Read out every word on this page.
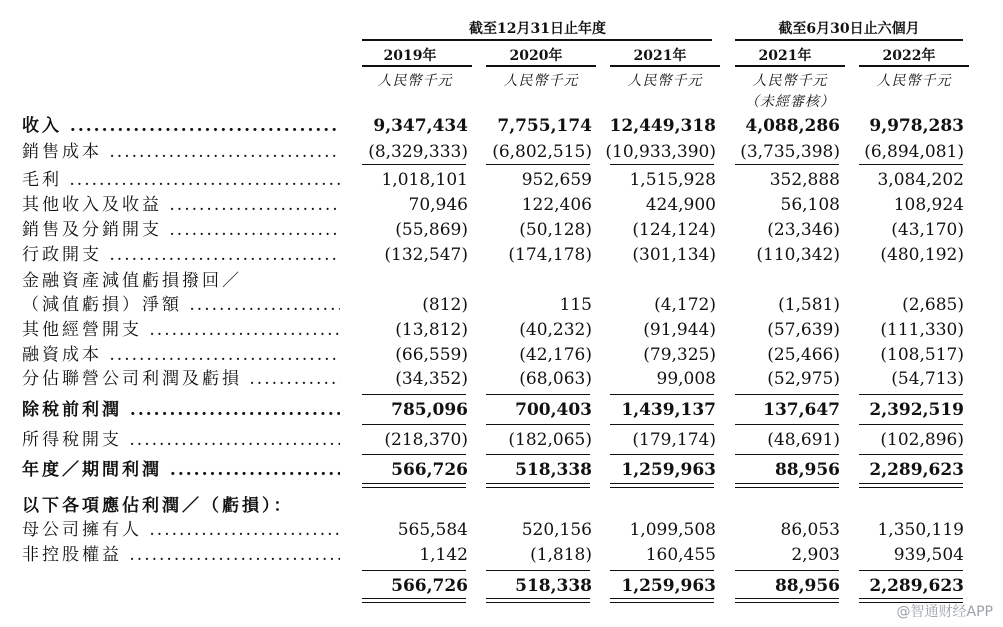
截至12月31日止年度	截至6月30日止六個月
2019年	2020年	2021年	2021年	2022年
人民幣千元	人民幣千元	人民幣千元	人民幣千元	人民幣千元
（未經審核）
收入 .....	9,347,434	7,755,174	12,449,318	4,088,286	9,978,283
銷售成本 .....	(8,329,333)	(6,802,515) (10,933,390)	(3,735,398)	(6,894,081)
毛利 .....	1,018,101	952,659	1,515,928	352,888	3,084,202
其他收入及收益 .....	70,946	122,406	424,900	56,108	108,924
銷售及分銷開支 .....	(55,869)	(50,128)	(124,124)	(23,346)	(43,170)
行政開支 .....	(132,547)	(174,178)	(301,134)	(110,342)	(480,192)
金融資產減值虧損撥回／
（減值虧損）淨額 .....	(812)	115	(4,172)	(1,581)	(2,685)
其他經營開支 .....	(13,812)	(40,232)	(91,944)	(57,639)	(111,330)
融資成本 .....	(66,559)	(42,176)	(79,325)	(25,466)	(108,517)
分佔聯營公司利潤及虧損 .....	(34,352)	(68,063)	99,008	(52,975)	(54,713)
除稅前利潤 .....	785,096	700,403	1,439,137	137,647	2,392,519
所得稅開支 .....	(218,370)	(182,065)	(179,174)	(48,691)	(102,896)
年度／期間利潤 .....	566,726	518,338	1,259,963	88,956	2,289,623
以下各項應佔利潤／（虧損）：
母公司擁有人 .....	565,584	520,156	1,099,508	86,053	1,350,119
非控股權益 .....	1,142	(1,818)	160,455	2,903	939,504
566,726	518,338	1,259,963	88,956	2,289,623
@智通财经APP
